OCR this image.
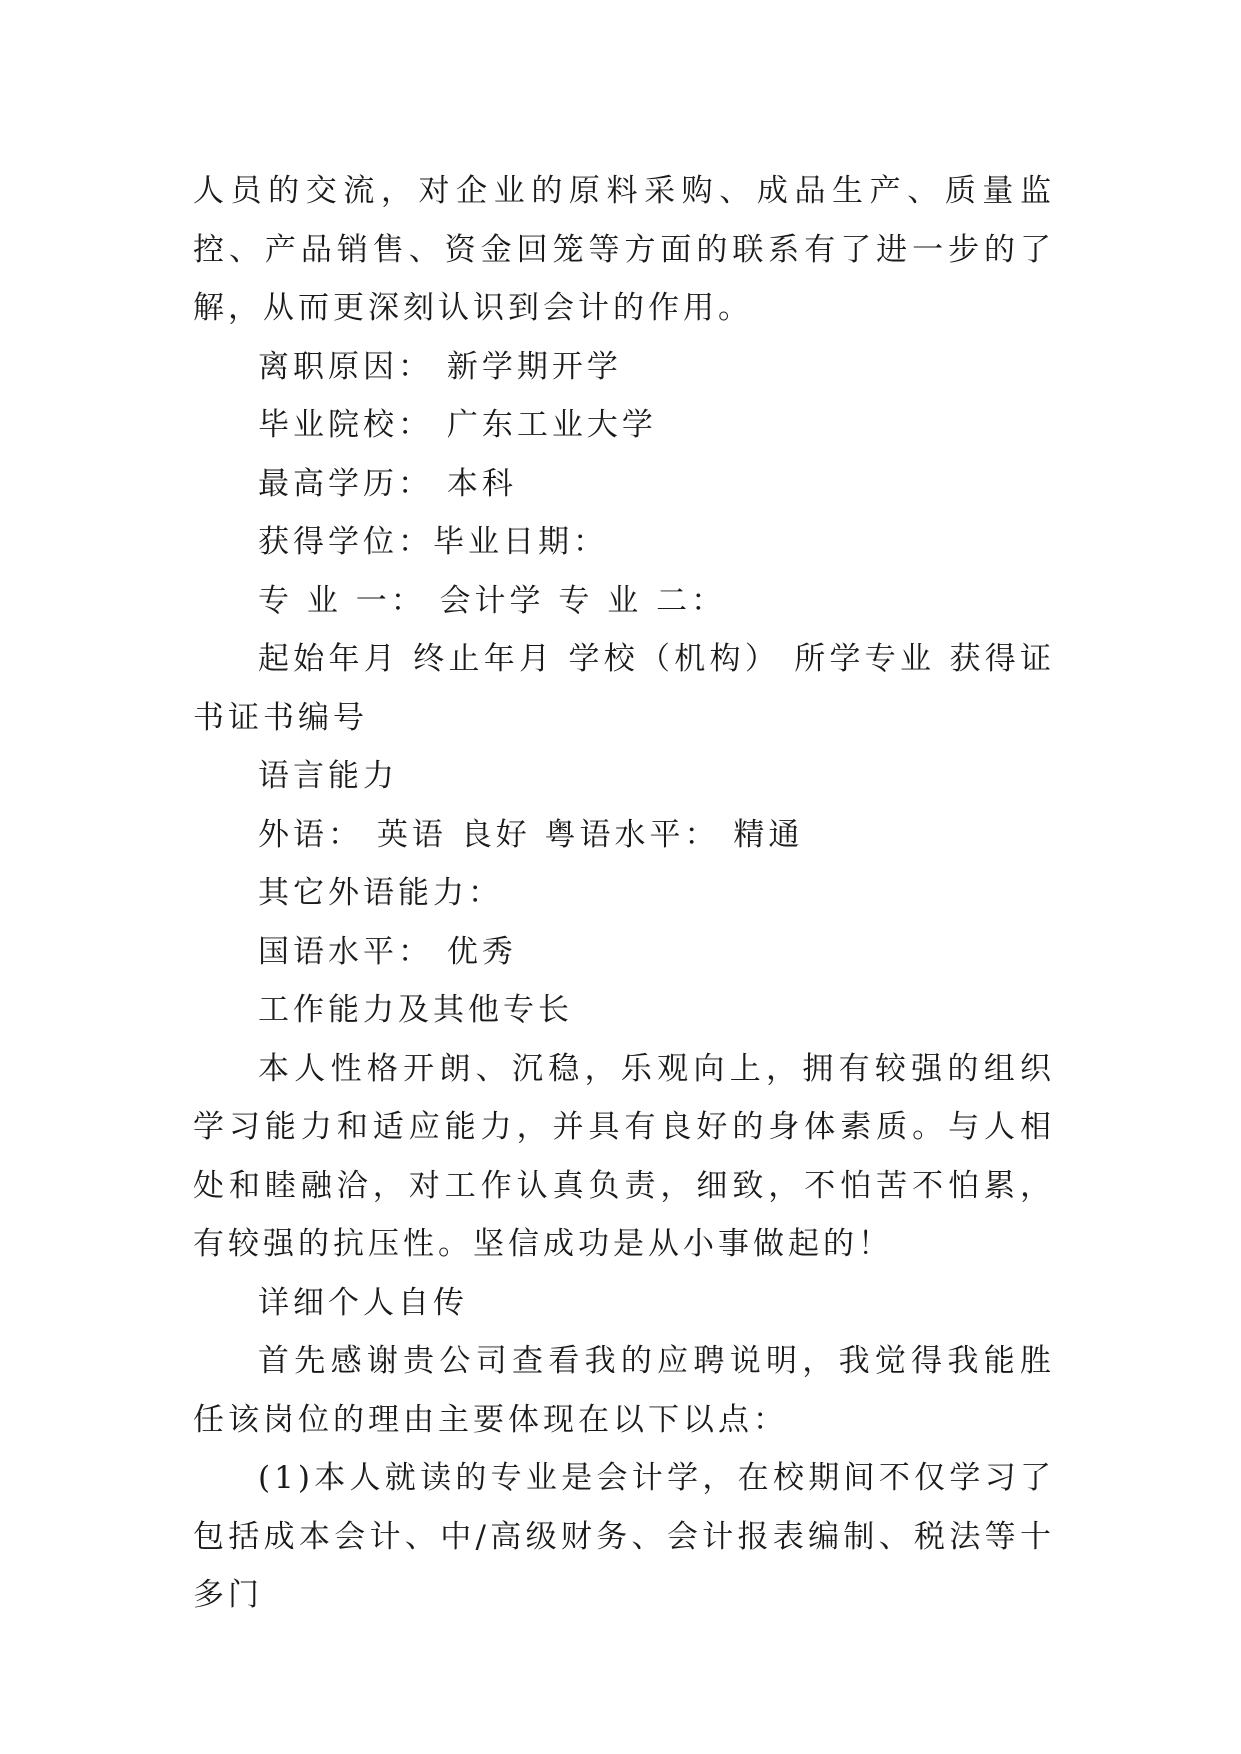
人员的交流，对企业的原料采购、成品生产、质量监控、产品销售、资金回笼等方面的联系有了进一步的了解，从而更深刻认识到会计的作用。

离职原因： 新学期开学

毕业院校： 广东工业大学

最高学历： 本科

获得学位：毕业日期：

专 业 一： 会计学 专 业 二：

起始年月 终止年月 学校（机构） 所学专业 获得证书证书编号

语言能力

外语： 英语 良好 粤语水平： 精通

其它外语能力：

国语水平： 优秀

工作能力及其他专长

本人性格开朗、沉稳，乐观向上，拥有较强的组织学习能力和适应能力，并具有良好的身体素质。与人相处和睦融洽，对工作认真负责，细致，不怕苦不怕累，有较强的抗压性。坚信成功是从小事做起的！

详细个人自传

首先感谢贵公司查看我的应聘说明，我觉得我能胜任该岗位的理由主要体现在以下以点：

(1)本人就读的专业是会计学，在校期间不仅学习了包括成本会计、中/高级财务、会计报表编制、税法等十多门
